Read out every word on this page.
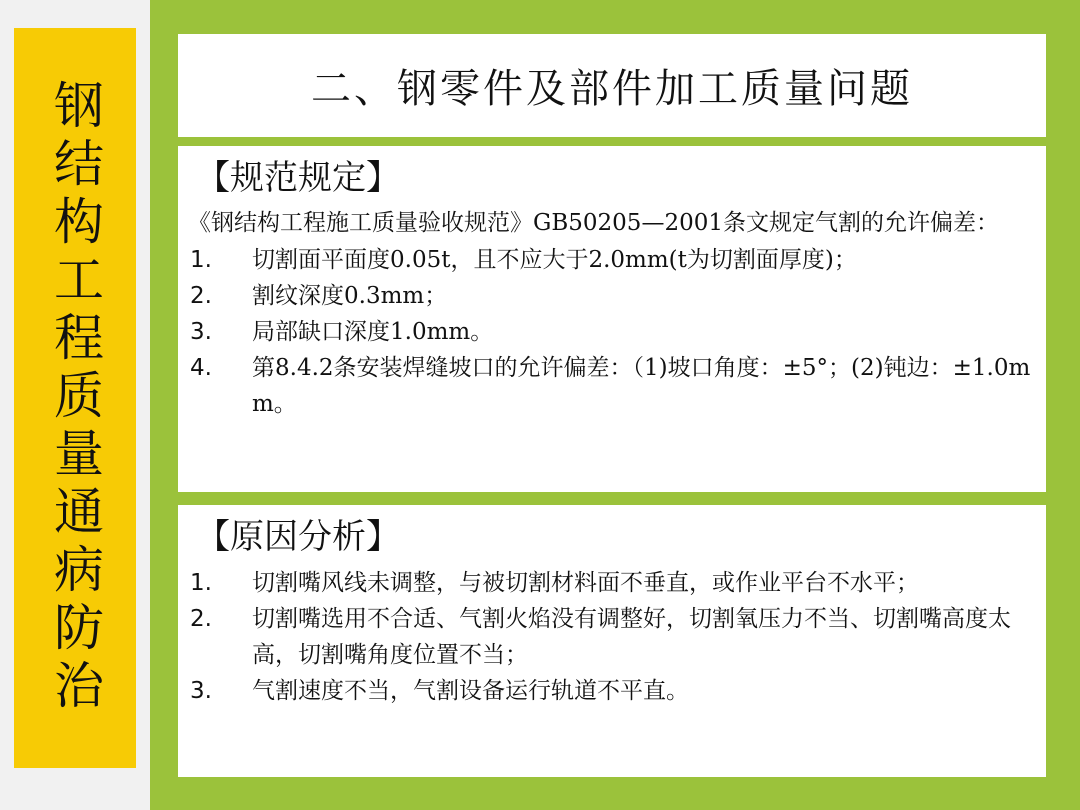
钢结构工程质量通病防治	二、钢零件及部件加工质量问题
【规范规定】

《钢结构工程施工质量验收规范》GB50205—2001条文规定气割的允许偏差：

1.	切割面平面度0.05t，且不应大于2.0mm(t为切割面厚度)；
2.	割纹深度0.3mm；
3.	局部缺口深度1.0mm。
4.	第8.4.2条安装焊缝坡口的允许偏差：（1)坡口角度：±5°；(2)钝边：±1.0mm。
【原因分析】
1.	切割嘴风线未调整，与被切割材料面不垂直，或作业平台不水平；
2.	切割嘴选用不合适、气割火焰没有调整好，切割氧压力不当、切割嘴高度太高，切割嘴角度位置不当；
3.	气割速度不当，气割设备运行轨道不平直。
